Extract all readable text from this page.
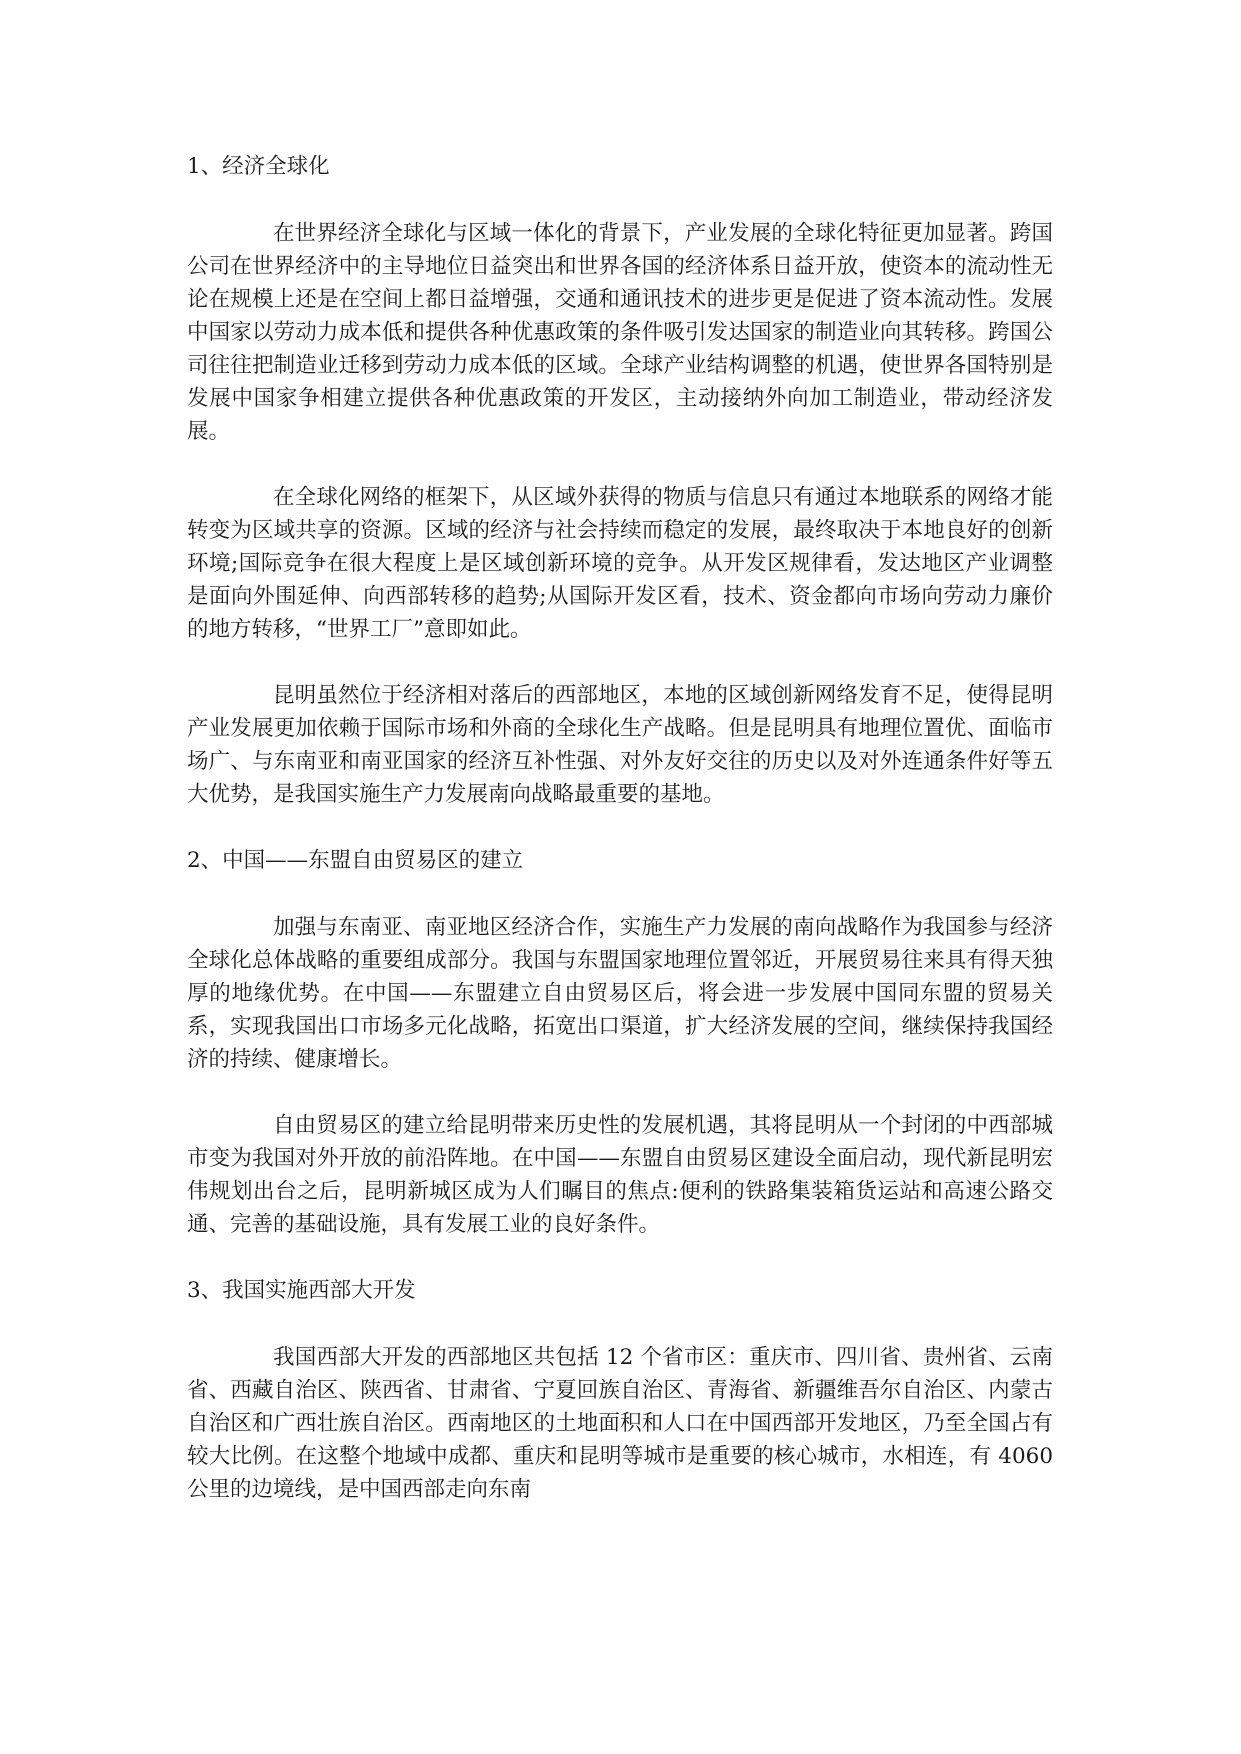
1、经济全球化

在世界经济全球化与区域一体化的背景下，产业发展的全球化特征更加显著。跨国公司在世界经济中的主导地位日益突出和世界各国的经济体系日益开放，使资本的流动性无论在规模上还是在空间上都日益增强，交通和通讯技术的进步更是促进了资本流动性。发展中国家以劳动力成本低和提供各种优惠政策的条件吸引发达国家的制造业向其转移。跨国公司往往把制造业迁移到劳动力成本低的区域。全球产业结构调整的机遇，使世界各国特别是发展中国家争相建立提供各种优惠政策的开发区，主动接纳外向加工制造业，带动经济发展。

在全球化网络的框架下，从区域外获得的物质与信息只有通过本地联系的网络才能转变为区域共享的资源。区域的经济与社会持续而稳定的发展，最终取决于本地良好的创新环境;国际竞争在很大程度上是区域创新环境的竞争。从开发区规律看，发达地区产业调整是面向外围延伸、向西部转移的趋势;从国际开发区看，技术、资金都向市场向劳动力廉价的地方转移，“世界工厂”意即如此。

昆明虽然位于经济相对落后的西部地区，本地的区域创新网络发育不足，使得昆明产业发展更加依赖于国际市场和外商的全球化生产战略。但是昆明具有地理位置优、面临市场广、与东南亚和南亚国家的经济互补性强、对外友好交往的历史以及对外连通条件好等五大优势，是我国实施生产力发展南向战略最重要的基地。

2、中国——东盟自由贸易区的建立

加强与东南亚、南亚地区经济合作，实施生产力发展的南向战略作为我国参与经济全球化总体战略的重要组成部分。我国与东盟国家地理位置邻近，开展贸易往来具有得天独厚的地缘优势。在中国——东盟建立自由贸易区后，将会进一步发展中国同东盟的贸易关系，实现我国出口市场多元化战略，拓宽出口渠道，扩大经济发展的空间，继续保持我国经济的持续、健康增长。

自由贸易区的建立给昆明带来历史性的发展机遇，其将昆明从一个封闭的中西部城市变为我国对外开放的前沿阵地。在中国——东盟自由贸易区建设全面启动，现代新昆明宏伟规划出台之后，昆明新城区成为人们瞩目的焦点:便利的铁路集装箱货运站和高速公路交通、完善的基础设施，具有发展工业的良好条件。

3、我国实施西部大开发

我国西部大开发的西部地区共包括 12 个省市区：重庆市、四川省、贵州省、云南省、西藏自治区、陕西省、甘肃省、宁夏回族自治区、青海省、新疆维吾尔自治区、内蒙古自治区和广西壮族自治区。西南地区的土地面积和人口在中国西部开发地区，乃至全国占有较大比例。在这整个地域中成都、重庆和昆明等城市是重要的核心城市，水相连，有 4060 公里的边境线，是中国西部走向东南
